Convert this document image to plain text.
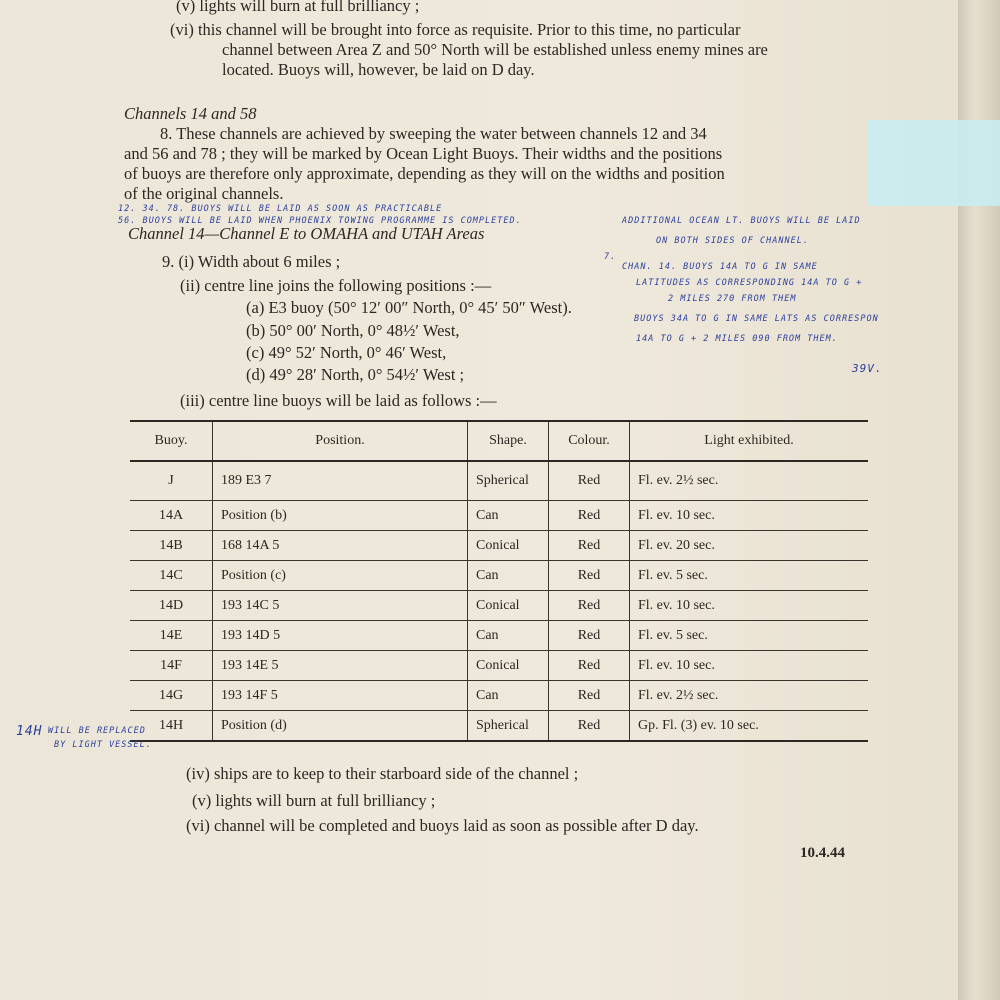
(v) lights will burn at full brilliancy ;
(vi) this channel will be brought into force as requisite. Prior to this time, no particular
channel between Area Z and 50° North will be established unless enemy mines are
located. Buoys will, however, be laid on D day.
Channels 14 and 58
8. These channels are achieved by sweeping the water between channels 12 and 34
and 56 and 78 ; they will be marked by Ocean Light Buoys. Their widths and the positions
of buoys are therefore only approximate, depending as they will on the widths and position
of the original channels.
12. 34. 78. BUOYS WILL BE LAID AS SOON AS PRACTICABLE
56. BUOYS WILL BE LAID WHEN PHOENIX TOWING PROGRAMME IS COMPLETED.
Channel 14—Channel E to OMAHA and UTAH Areas
ADDITIONAL OCEAN LT. BUOYS WILL BE LAID
ON BOTH SIDES OF CHANNEL.
7.
CHAN. 14. BUOYS 14A TO G IN SAME
LATITUDES AS CORRESPONDING 14A TO G +
2 MILES 270 FROM THEM
BUOYS 34A TO G IN SAME LATS AS CORRESPON
14A TO G + 2 MILES 090 FROM THEM.
39V.
9. (i) Width about 6 miles ;
(ii) centre line joins the following positions :—
(a) E3 buoy (50° 12′ 00″ North, 0° 45′ 50″ West).
(b) 50° 00′ North, 0° 48½′ West,
(c) 49° 52′ North, 0° 46′ West,
(d) 49° 28′ North, 0° 54½′ West ;
(iii) centre line buoys will be laid as follows :—
Buoy.	Position.	Shape.	Colour.	Light exhibited.
J	189 E3 7	Spherical	Red	Fl. ev. 2½ sec.
14A	Position (b)	Can	Red	Fl. ev. 10 sec.
14B	168 14A 5	Conical	Red	Fl. ev. 20 sec.
14C	Position (c)	Can	Red	Fl. ev. 5 sec.
14D	193 14C 5	Conical	Red	Fl. ev. 10 sec.
14E	193 14D 5	Can	Red	Fl. ev. 5 sec.
14F	193 14E 5	Conical	Red	Fl. ev. 10 sec.
14G	193 14F 5	Can	Red	Fl. ev. 2½ sec.
14H	Position (d)	Spherical	Red	Gp. Fl. (3) ev. 10 sec.
14H WILL BE REPLACED
BY LIGHT VESSEL.
(iv) ships are to keep to their starboard side of the channel ;
(v) lights will burn at full brilliancy ;
(vi) channel will be completed and buoys laid as soon as possible after D day.
10.4.44
